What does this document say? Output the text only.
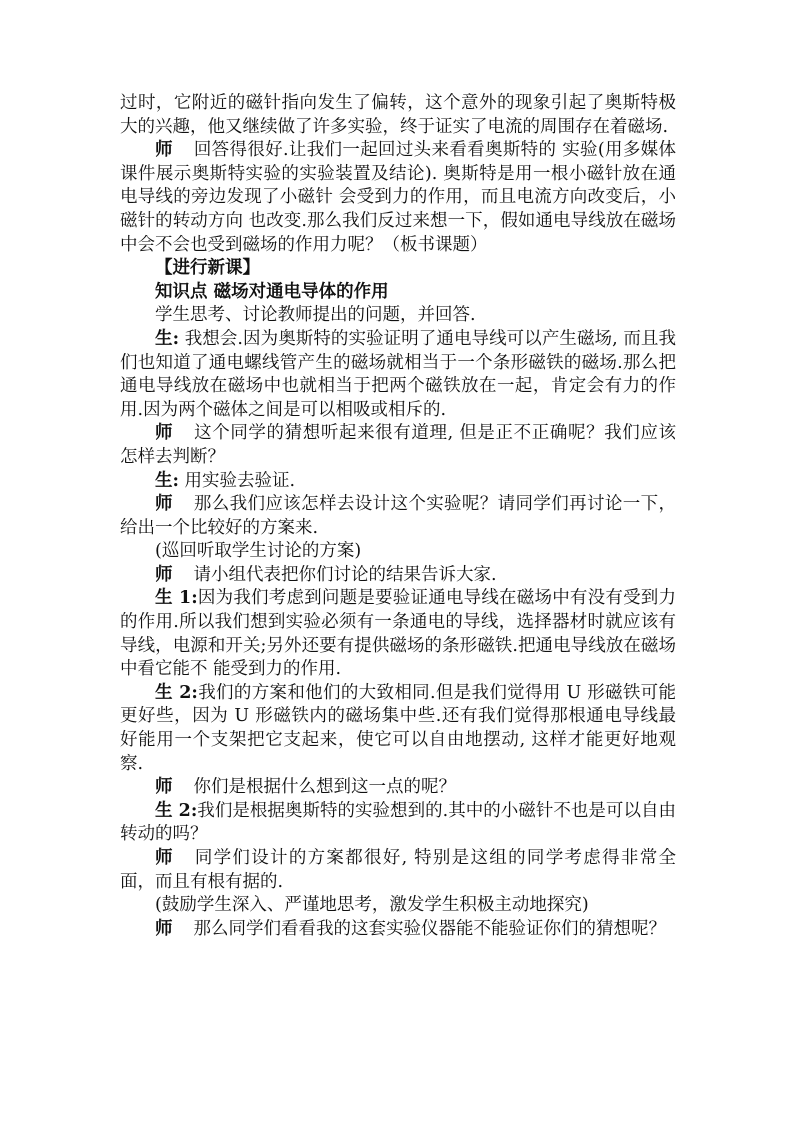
过时，它附近的磁针指向发生了偏转，这个意外的现象引起了奥斯特极大的兴趣，他又继续做了许多实验，终于证实了电流的周围存在着磁场.

师 回答得很好.让我们一起回过头来看看奥斯特的 实验(用多媒体课件展示奥斯特实验的实验装置及结论). 奥斯特是用一根小磁针放在通电导线的旁边发现了小磁针 会受到力的作用，而且电流方向改变后，小磁针的转动方向 也改变.那么我们反过来想一下，假如通电导线放在磁场中会不会也受到磁场的作用力呢？（板书课题）

【进行新课】

知识点 磁场对通电导体的作用

学生思考、讨论教师提出的问题，并回答.

生: 我想会.因为奥斯特的实验证明了通电导线可以产生磁场, 而且我们也知道了通电螺线管产生的磁场就相当于一个条形磁铁的磁场.那么把通电导线放在磁场中也就相当于把两个磁铁放在一起，肯定会有力的作用.因为两个磁体之间是可以相吸或相斥的.

师 这个同学的猜想听起来很有道理, 但是正不正确呢？我们应该怎样去判断？

生: 用实验去验证.

师 那么我们应该怎样去设计这个实验呢？请同学们再讨论一下，给出一个比较好的方案来.

(巡回听取学生讨论的方案)

师 请小组代表把你们讨论的结果告诉大家.

生 1:因为我们考虑到问题是要验证通电导线在磁场中有没有受到力的作用.所以我们想到实验必须有一条通电的导线，选择器材时就应该有导线，电源和开关;另外还要有提供磁场的条形磁铁.把通电导线放在磁场中看它能不 能受到力的作用.

生 2:我们的方案和他们的大致相同.但是我们觉得用 U 形磁铁可能更好些，因为 U 形磁铁内的磁场集中些.还有我们觉得那根通电导线最好能用一个支架把它支起来，使它可以自由地摆动, 这样才能更好地观察.

师 你们是根据什么想到这一点的呢？

生 2:我们是根据奥斯特的实验想到的.其中的小磁针不也是可以自由转动的吗？

师 同学们设计的方案都很好, 特别是这组的同学考虑得非常全面，而且有根有据的.

(鼓励学生深入、严谨地思考，激发学生积极主动地探究)

师 那么同学们看看我的这套实验仪器能不能验证你们的猜想呢？
